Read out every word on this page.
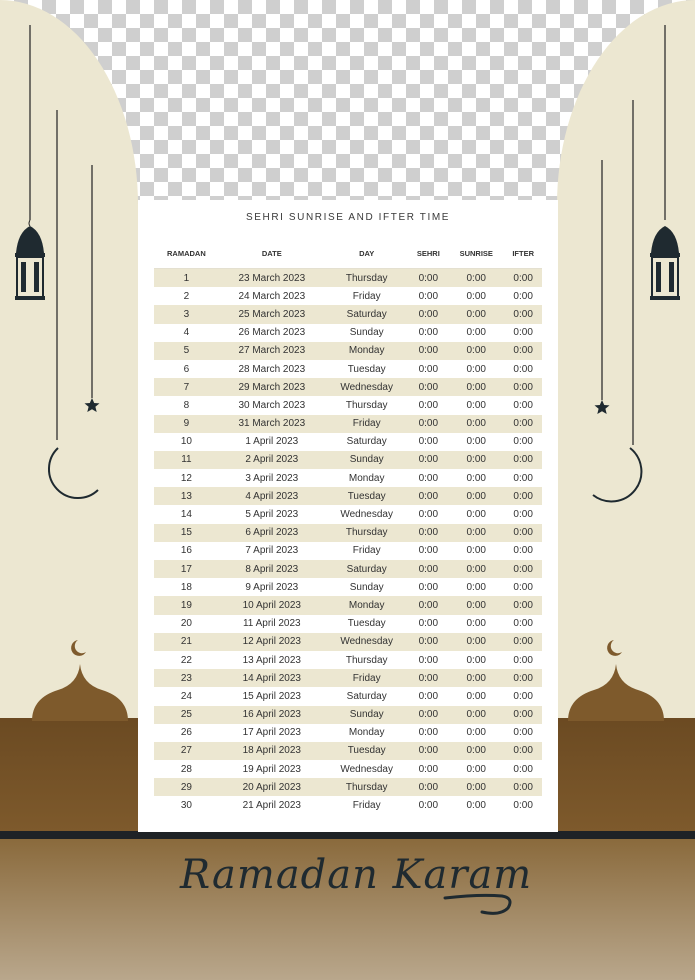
SEHRI SUNRISE AND IFTER TIME
RAMADAN	DATE	DAY	SEHRI	SUNRISE	IFTER
1	23 March 2023	Thursday	0:00	0:00	0:00
2	24 March 2023	Friday	0:00	0:00	0:00
3	25 March 2023	Saturday	0:00	0:00	0:00
4	26 March 2023	Sunday	0:00	0:00	0:00
5	27 March 2023	Monday	0:00	0:00	0:00
6	28 March 2023	Tuesday	0:00	0:00	0:00
7	29 March 2023	Wednesday	0:00	0:00	0:00
8	30 March 2023	Thursday	0:00	0:00	0:00
9	31 March 2023	Friday	0:00	0:00	0:00
10	1 April 2023	Saturday	0:00	0:00	0:00
11	2 April 2023	Sunday	0:00	0:00	0:00
12	3 April 2023	Monday	0:00	0:00	0:00
13	4 April 2023	Tuesday	0:00	0:00	0:00
14	5 April 2023	Wednesday	0:00	0:00	0:00
15	6 April 2023	Thursday	0:00	0:00	0:00
16	7 April 2023	Friday	0:00	0:00	0:00
17	8 April 2023	Saturday	0:00	0:00	0:00
18	9 April 2023	Sunday	0:00	0:00	0:00
19	10 April 2023	Monday	0:00	0:00	0:00
20	11 April 2023	Tuesday	0:00	0:00	0:00
21	12 April 2023	Wednesday	0:00	0:00	0:00
22	13 April 2023	Thursday	0:00	0:00	0:00
23	14 April 2023	Friday	0:00	0:00	0:00
24	15 April 2023	Saturday	0:00	0:00	0:00
25	16 April 2023	Sunday	0:00	0:00	0:00
26	17 April 2023	Monday	0:00	0:00	0:00
27	18 April 2023	Tuesday	0:00	0:00	0:00
28	19 April 2023	Wednesday	0:00	0:00	0:00
29	20 April 2023	Thursday	0:00	0:00	0:00
30	21 April 2023	Friday	0:00	0:00	0:00
Ramadan Karam
